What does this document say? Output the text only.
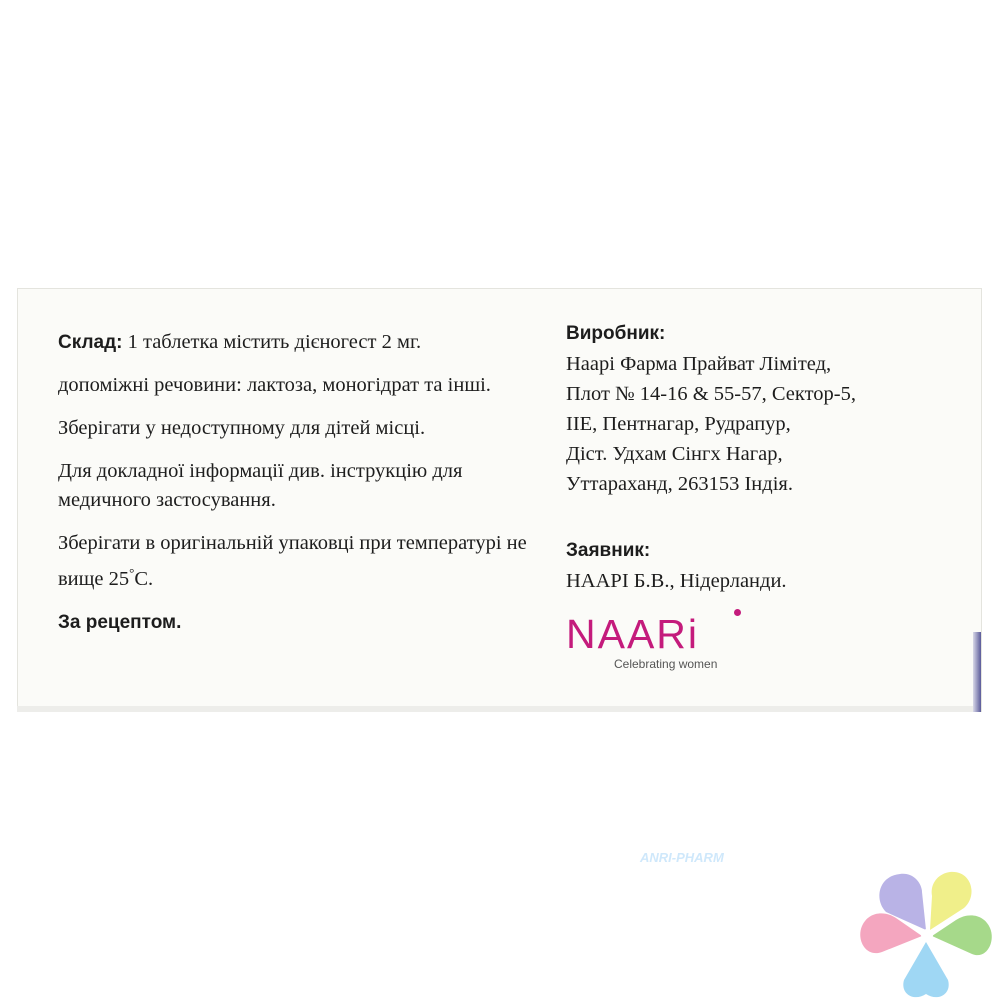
Склад: 1 таблетка містить дієногест 2 мг.

допоміжні речовини: лактоза, моногідрат та інші.

Зберігати у недоступному для дітей місці.

Для докладної інформації див. інструкцію для медичного застосування.

Зберігати в оригінальній упаковці при температурі не вище 25°С.

За рецептом.

Виробник:

Наарі Фарма Прайват Лімітед,

Плот № 14-16 & 55-57, Сектор-5,

IIE, Пентнагар, Рудрапур,

Дiст. Удхам Сінгх Нагар,

Уттараханд, 263153 Індія.

Заявник:

НААРІ Б.В., Нідерланди.

NAARi
Celebrating women
ANRI-PHARM
